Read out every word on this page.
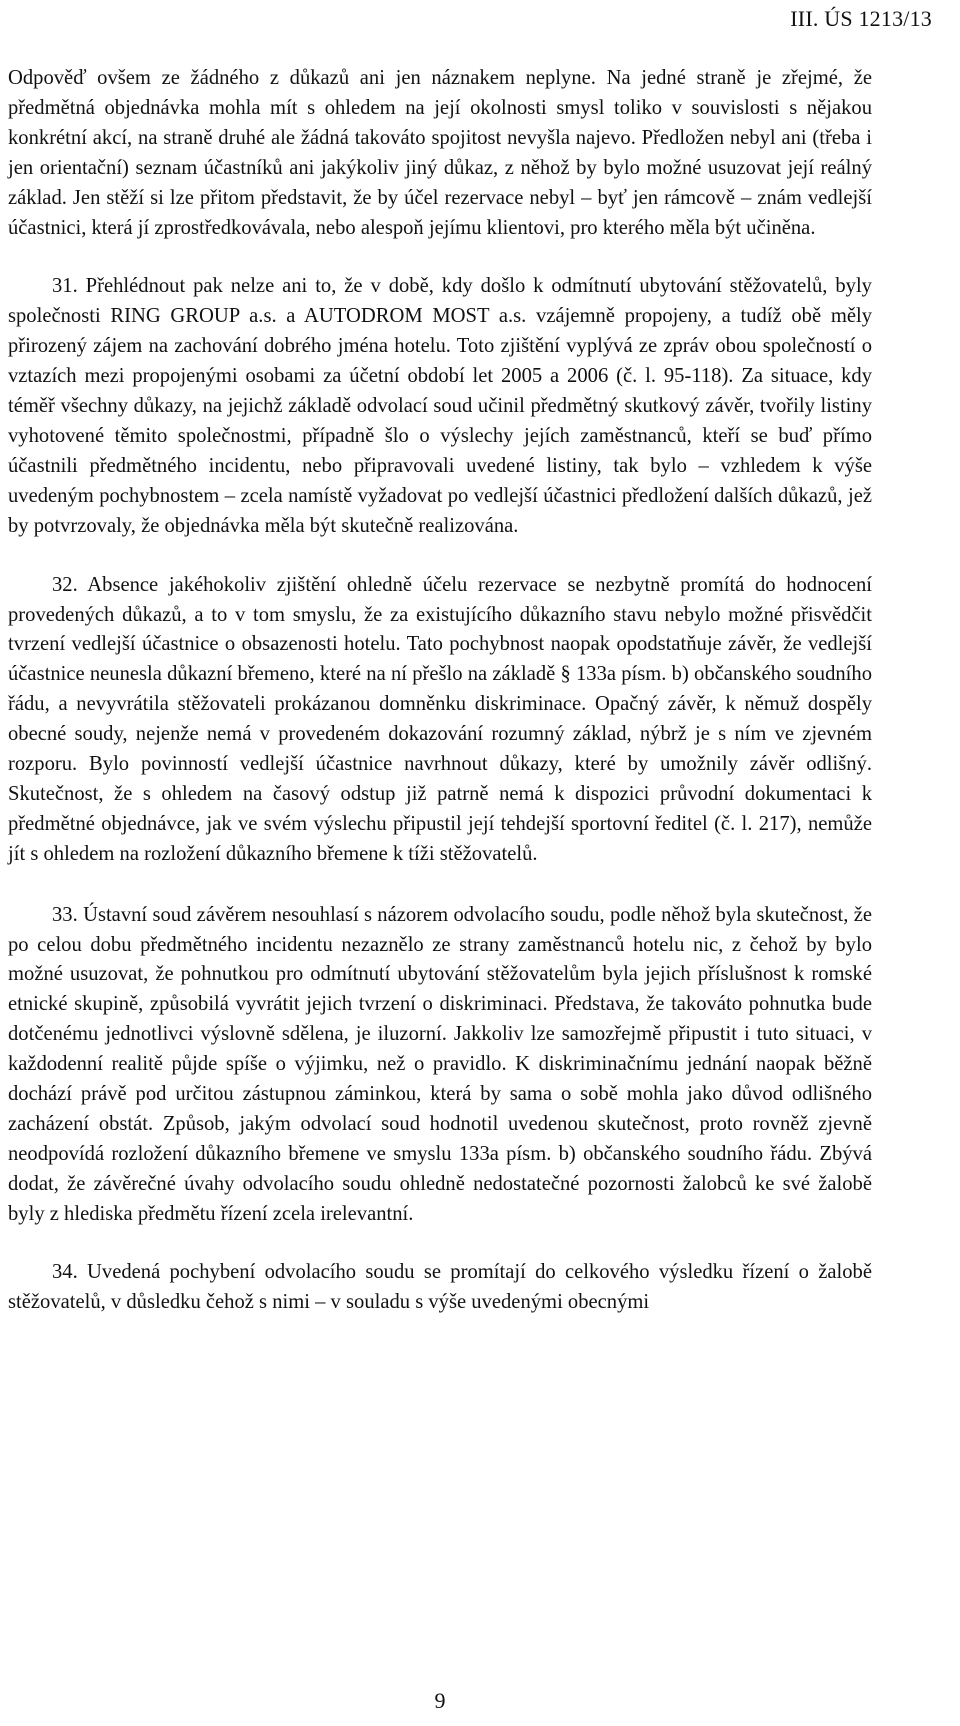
III. ÚS 1213/13

Odpověď ovšem ze žádného z důkazů ani jen náznakem neplyne. Na jedné straně je zřejmé, že předmětná objednávka mohla mít s ohledem na její okolnosti smysl toliko v souvislosti s nějakou konkrétní akcí, na straně druhé ale žádná takováto spojitost nevyšla najevo. Předložen nebyl ani (třeba i jen orientační) seznam účastníků ani jakýkoliv jiný důkaz, z něhož by bylo možné usuzovat její reálný základ. Jen stěží si lze přitom představit, že by účel rezervace nebyl – byť jen rámcově – znám vedlejší účastnici, která jí zprostředkovávala, nebo alespoň jejímu klientovi, pro kterého měla být učiněna.

31. Přehlédnout pak nelze ani to, že v době, kdy došlo k odmítnutí ubytování stěžovatelů, byly společnosti RING GROUP a.s. a AUTODROM MOST a.s. vzájemně propojeny, a tudíž obě měly přirozený zájem na zachování dobrého jména hotelu. Toto zjištění vyplývá ze zpráv obou společností o vztazích mezi propojenými osobami za účetní období let 2005 a 2006 (č. l. 95-118). Za situace, kdy téměř všechny důkazy, na jejichž základě odvolací soud učinil předmětný skutkový závěr, tvořily listiny vyhotovené těmito společnostmi, případně šlo o výslechy jejích zaměstnanců, kteří se buď přímo účastnili předmětného incidentu, nebo připravovali uvedené listiny, tak bylo – vzhledem k výše uvedeným pochybnostem – zcela namístě vyžadovat po vedlejší účastnici předložení dalších důkazů, jež by potvrzovaly, že objednávka měla být skutečně realizována.

32. Absence jakéhokoliv zjištění ohledně účelu rezervace se nezbytně promítá do hodnocení provedených důkazů, a to v tom smyslu, že za existujícího důkazního stavu nebylo možné přisvědčit tvrzení vedlejší účastnice o obsazenosti hotelu. Tato pochybnost naopak opodstatňuje závěr, že vedlejší účastnice neunesla důkazní břemeno, které na ní přešlo na základě § 133a písm. b) občanského soudního řádu, a nevyvrátila stěžovateli prokázanou domněnku diskriminace. Opačný závěr, k němuž dospěly obecné soudy, nejenže nemá v provedeném dokazování rozumný základ, nýbrž je s ním ve zjevném rozporu. Bylo povinností vedlejší účastnice navrhnout důkazy, které by umožnily závěr odlišný. Skutečnost, že s ohledem na časový odstup již patrně nemá k dispozici průvodní dokumentaci k předmětné objednávce, jak ve svém výslechu připustil její tehdejší sportovní ředitel (č. l. 217), nemůže jít s ohledem na rozložení důkazního břemene k tíži stěžovatelů.

33. Ústavní soud závěrem nesouhlasí s názorem odvolacího soudu, podle něhož byla skutečnost, že po celou dobu předmětného incidentu nezaznělo ze strany zaměstnanců hotelu nic, z čehož by bylo možné usuzovat, že pohnutkou pro odmítnutí ubytování stěžovatelům byla jejich příslušnost k romské etnické skupině, způsobilá vyvrátit jejich tvrzení o diskriminaci. Představa, že takováto pohnutka bude dotčenému jednotlivci výslovně sdělena, je iluzorní. Jakkoliv lze samozřejmě připustit i tuto situaci, v každodenní realitě půjde spíše o výjimku, než o pravidlo. K diskriminačnímu jednání naopak běžně dochází právě pod určitou zástupnou záminkou, která by sama o sobě mohla jako důvod odlišného zacházení obstát. Způsob, jakým odvolací soud hodnotil uvedenou skutečnost, proto rovněž zjevně neodpovídá rozložení důkazního břemene ve smyslu 133a písm. b) občanského soudního řádu. Zbývá dodat, že závěrečné úvahy odvolacího soudu ohledně nedostatečné pozornosti žalobců ke své žalobě byly z hlediska předmětu řízení zcela irelevantní.

34. Uvedená pochybení odvolacího soudu se promítají do celkového výsledku řízení o žalobě stěžovatelů, v důsledku čehož s nimi – v souladu s výše uvedenými obecnými

9
